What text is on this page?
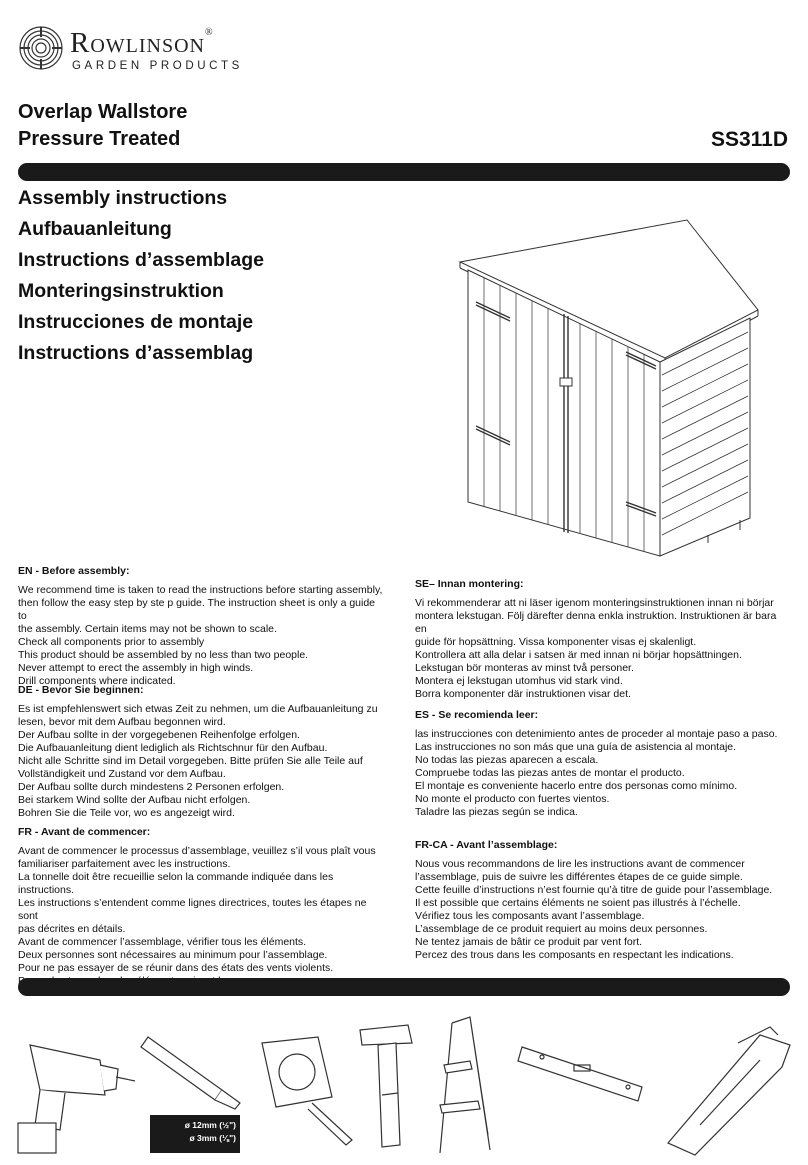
Rowlinson®
GARDEN PRODUCTS
Overlap Wallstore
Pressure Treated	SS311D
Assembly instructions
Aufbauanleitung
Instructions d’assemblage
Monteringsinstruktion
Instrucciones de montaje
Instructions d’assemblag
EN - Before assembly:
We recommend time is taken to read the instructions before starting assembly,
then follow the easy step by ste p guide. The instruction sheet is only a guide to
the assembly. Certain items may not be shown to scale.
Check all components prior to assembly
This product should be assembled by no less than two people.
Never attempt to erect the assembly in high winds.
Drill components where indicated.
DE - Bevor Sie beginnen:
Es ist empfehlenswert sich etwas Zeit zu nehmen, um die Aufbauanleitung zu
lesen, bevor mit dem Aufbau begonnen wird.
Der Aufbau sollte in der vorgegebenen Reihenfolge erfolgen.
Die Aufbauanleitung dient lediglich als Richtschnur für den Aufbau.
Nicht alle Schritte sind im Detail vorgegeben. Bitte prüfen Sie alle Teile auf
Vollständigkeit und Zustand vor dem Aufbau.
Der Aufbau sollte durch mindestens 2 Personen erfolgen.
Bei starkem Wind sollte der Aufbau nicht erfolgen.
Bohren Sie die Teile vor, wo es angezeigt wird.
FR - Avant de commencer:
Avant de commencer le processus d’assemblage, veuillez s’il vous plaît vous
familiariser parfaitement avec les instructions.
La tonnelle doit être recueillie selon la commande indiquée dans les instructions.
Les instructions s’entendent comme lignes directrices, toutes les étapes ne sont
pas décrites en détails.
Avant de commencer l’assemblage, vérifier tous les éléments.
Deux personnes sont nécessaires au minimum pour l’assemblage.
Pour ne pas essayer de se réunir dans des états des vents violents.
SE– Innan montering:
Vi rekommenderar att ni läser igenom monteringsinstruktionen innan ni börjar
montera lekstugan. Följ därefter denna enkla instruktion. Instruktionen är bara en
guide för hopsättning. Vissa komponenter visas ej skalenligt.
Kontrollera att alla delar i satsen är med innan ni börjar hopsättningen.
Lekstugan bör monteras av minst två personer.
Montera ej lekstugan utomhus vid stark vind.
Borra komponenter där instruktionen visar det.
ES - Se recomienda leer:
las instrucciones con detenimiento antes de proceder al montaje paso a paso.
Las instrucciones no son más que una guía de asistencia al montaje.
No todas las piezas aparecen a escala.
Compruebe todas las piezas antes de montar el producto.
El montaje es conveniente hacerlo entre dos personas como mínimo.
No monte el producto con fuertes vientos.
Taladre las piezas según se indica.
FR-CA - Avant l’assemblage:
Nous vous recommandons de lire les instructions avant de commencer
l’assemblage, puis de suivre les différentes étapes de ce guide simple.
Cette feuille d’instructions n’est fournie qu’à titre de guide pour l’assemblage.
Il est possible que certains éléments ne soient pas illustrés à l’échelle.
Vérifiez tous les composants avant l’assemblage.
L’assemblage de ce produit requiert au moins deux personnes.
Ne tentez jamais de bâtir ce produit par vent fort.
Percez des trous dans les composants en respectant les indications.
ø 12mm (½")
ø 3mm (⅛")
